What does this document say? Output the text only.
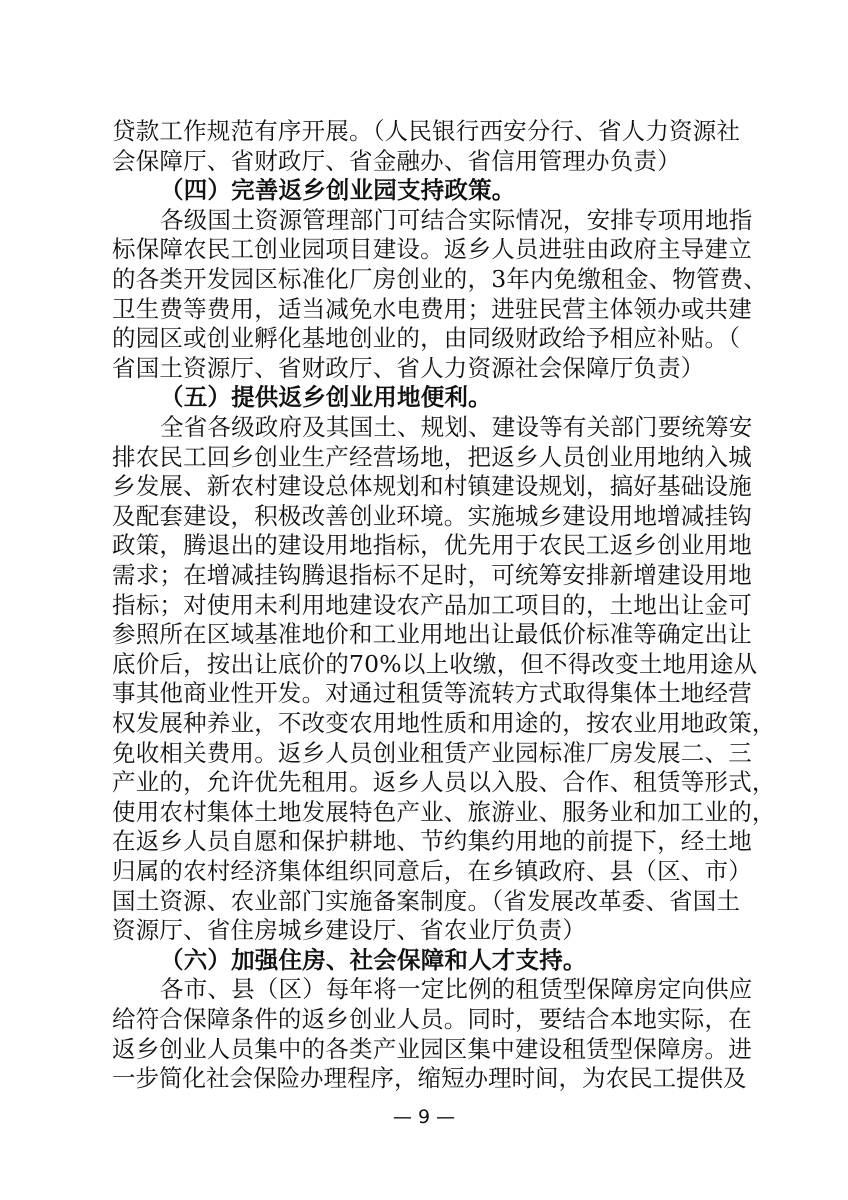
贷款工作规范有序开展。（人民银行西安分行、省人力资源社
会保障厅、省财政厅、省金融办、省信用管理办负责）
（四）完善返乡创业园支持政策。
各级国土资源管理部门可结合实际情况，安排专项用地指
标保障农民工创业园项目建设。返乡人员进驻由政府主导建立
的各类开发园区标准化厂房创业的，3年内免缴租金、物管费、
卫生费等费用，适当减免水电费用；进驻民营主体领办或共建
的园区或创业孵化基地创业的，由同级财政给予相应补贴。（
省国土资源厅、省财政厅、省人力资源社会保障厅负责）
（五）提供返乡创业用地便利。
全省各级政府及其国土、规划、建设等有关部门要统筹安
排农民工回乡创业生产经营场地，把返乡人员创业用地纳入城
乡发展、新农村建设总体规划和村镇建设规划，搞好基础设施
及配套建设，积极改善创业环境。实施城乡建设用地增减挂钩
政策，腾退出的建设用地指标，优先用于农民工返乡创业用地
需求；在增减挂钩腾退指标不足时，可统筹安排新增建设用地
指标；对使用未利用地建设农产品加工项目的，土地出让金可
参照所在区域基准地价和工业用地出让最低价标准等确定出让
底价后，按出让底价的70%以上收缴，但不得改变土地用途从
事其他商业性开发。对通过租赁等流转方式取得集体土地经营
权发展种养业，不改变农用地性质和用途的，按农业用地政策，
免收相关费用。返乡人员创业租赁产业园标准厂房发展二、三
产业的，允许优先租用。返乡人员以入股、合作、租赁等形式，
使用农村集体土地发展特色产业、旅游业、服务业和加工业的，
在返乡人员自愿和保护耕地、节约集约用地的前提下，经土地
归属的农村经济集体组织同意后，在乡镇政府、县（区、市）
国土资源、农业部门实施备案制度。（省发展改革委、省国土
资源厅、省住房城乡建设厅、省农业厅负责）
（六）加强住房、社会保障和人才支持。
各市、县（区）每年将一定比例的租赁型保障房定向供应
给符合保障条件的返乡创业人员。同时，要结合本地实际，在
返乡创业人员集中的各类产业园区集中建设租赁型保障房。进
一步简化社会保险办理程序，缩短办理时间，为农民工提供及
— 9 —
